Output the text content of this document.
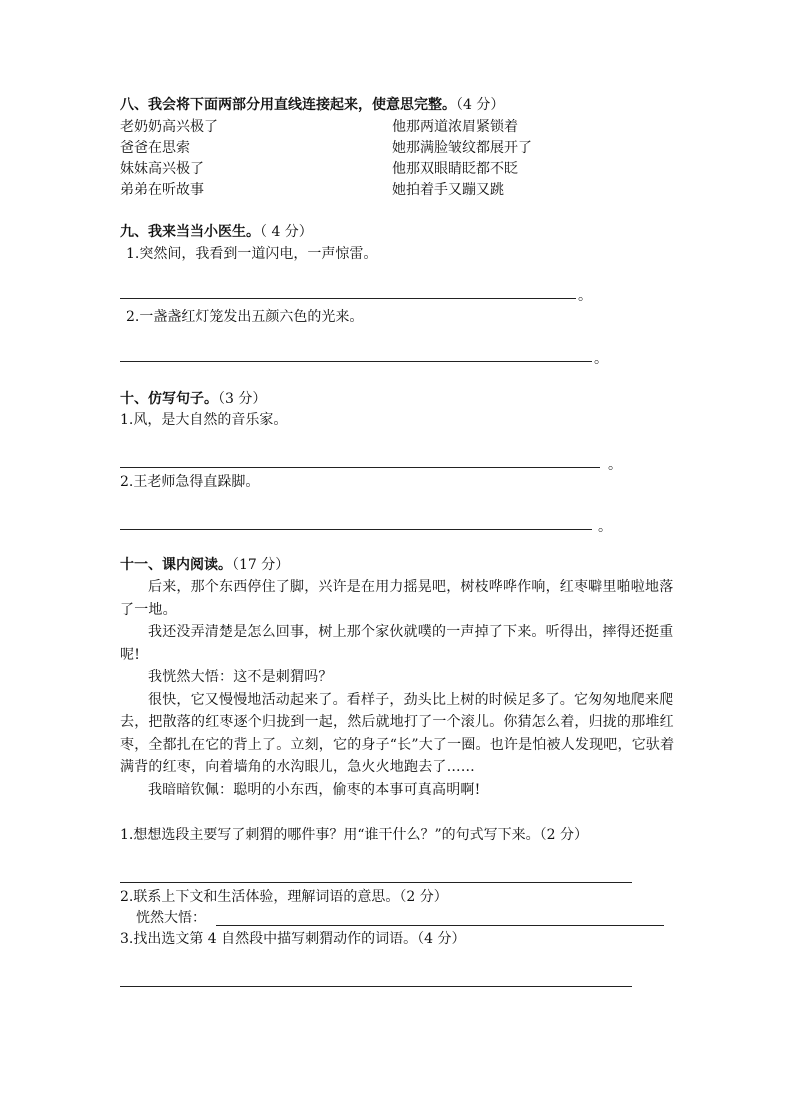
八、我会将下面两部分用直线连接起来，使意思完整。（4 分）
老奶奶高兴极了
爸爸在思索
妹妹高兴极了
弟弟在听故事
他那两道浓眉紧锁着
她那满脸皱纹都展开了
他那双眼睛眨都不眨
她拍着手又蹦又跳
九、我来当当小医生。（ 4 分）
1.突然间，我看到一道闪电，一声惊雷。
。
2.一盏盏红灯笼发出五颜六色的光来。
。
十、仿写句子。（3 分）
1.风，是大自然的音乐家。
。
2.王老师急得直跺脚。
。
十一、课内阅读。（17 分）

后来，那个东西停住了脚，兴许是在用力摇晃吧，树枝哗哗作响，红枣噼里啪啦地落了一地。

我还没弄清楚是怎么回事，树上那个家伙就噗的一声掉了下来。听得出，摔得还挺重呢!

我恍然大悟：这不是刺猬吗？

很快，它又慢慢地活动起来了。看样子，劲头比上树的时候足多了。它匆匆地爬来爬去，把散落的红枣逐个归拢到一起，然后就地打了一个滚儿。你猜怎么着，归拢的那堆红枣，全都扎在它的背上了。立刻，它的身子“长”大了一圈。也许是怕被人发现吧，它驮着满背的红枣，向着墙角的水沟眼儿，急火火地跑去了……

我暗暗钦佩：聪明的小东西，偷枣的本事可真高明啊!

1.想想选段主要写了刺猬的哪件事？用“谁干什么？”的句式写下来。（2 分）
2.联系上下文和生活体验，理解词语的意思。（2 分）
恍然大悟：
3.找出选文第 4 自然段中描写刺猬动作的词语。（4 分）
